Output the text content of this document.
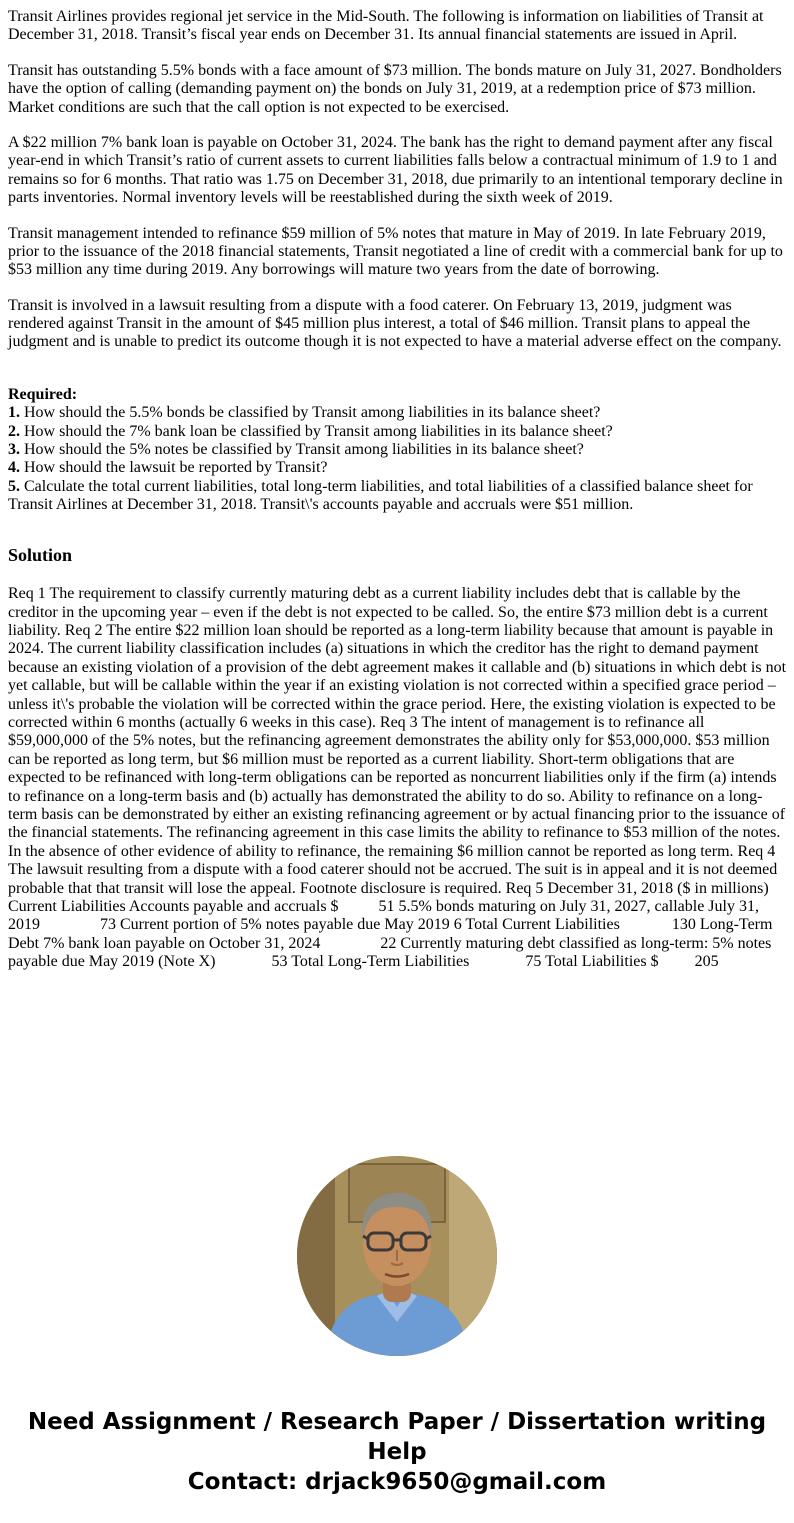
Transit Airlines provides regional jet service in the Mid-South. The following is information on liabilities of Transit at December 31, 2018. Transit’s fiscal year ends on December 31. Its annual financial statements are issued in April.

Transit has outstanding 5.5% bonds with a face amount of $73 million. The bonds mature on July 31, 2027. Bondholders have the option of calling (demanding payment on) the bonds on July 31, 2019, at a redemption price of $73 million. Market conditions are such that the call option is not expected to be exercised.

A $22 million 7% bank loan is payable on October 31, 2024. The bank has the right to demand payment after any fiscal year-end in which Transit’s ratio of current assets to current liabilities falls below a contractual minimum of 1.9 to 1 and remains so for 6 months. That ratio was 1.75 on December 31, 2018, due primarily to an intentional temporary decline in parts inventories. Normal inventory levels will be reestablished during the sixth week of 2019.

Transit management intended to refinance $59 million of 5% notes that mature in May of 2019. In late February 2019, prior to the issuance of the 2018 financial statements, Transit negotiated a line of credit with a commercial bank for up to $53 million any time during 2019. Any borrowings will mature two years from the date of borrowing.

Transit is involved in a lawsuit resulting from a dispute with a food caterer. On February 13, 2019, judgment was rendered against Transit in the amount of $45 million plus interest, a total of $46 million. Transit plans to appeal the judgment and is unable to predict its outcome though it is not expected to have a material adverse effect on the company.

Required:
1. How should the 5.5% bonds be classified by Transit among liabilities in its balance sheet?
2. How should the 7% bank loan be classified by Transit among liabilities in its balance sheet?
3. How should the 5% notes be classified by Transit among liabilities in its balance sheet?
4. How should the lawsuit be reported by Transit?
5. Calculate the total current liabilities, total long-term liabilities, and total liabilities of a classified balance sheet for Transit Airlines at December 31, 2018. Transit\'s accounts payable and accruals were $51 million.
Solution

Req 1 The requirement to classify currently maturing debt as a current liability includes debt that is callable by the creditor in the upcoming year – even if the debt is not expected to be called. So, the entire $73 million debt is a current liability. Req 2 The entire $22 million loan should be reported as a long-term liability because that amount is payable in 2024. The current liability classification includes (a) situations in which the creditor has the right to demand payment because an existing violation of a provision of the debt agreement makes it callable and (b) situations in which debt is not yet callable, but will be callable within the year if an existing violation is not corrected within a specified grace period – unless it\'s probable the violation will be corrected within the grace period. Here, the existing violation is expected to be corrected within 6 months (actually 6 weeks in this case). Req 3 The intent of management is to refinance all $59,000,000 of the 5% notes, but the refinancing agreement demonstrates the ability only for $53,000,000. $53 million can be reported as long term, but $6 million must be reported as a current liability. Short-term obligations that are expected to be refinanced with long-term obligations can be reported as noncurrent liabilities only if the firm (a) intends to refinance on a long-term basis and (b) actually has demonstrated the ability to do so. Ability to refinance on a long-term basis can be demonstrated by either an existing refinancing agreement or by actual financing prior to the issuance of the financial statements. The refinancing agreement in this case limits the ability to refinance to $53 million of the notes. In the absence of other evidence of ability to refinance, the remaining $6 million cannot be reported as long term. Req 4 The lawsuit resulting from a dispute with a food caterer should not be accrued. The suit is in appeal and it is not deemed probable that that transit will lose the appeal. Footnote disclosure is required. Req 5 December 31, 2018 ($ in millions) Current Liabilities Accounts payable and accruals $          51 5.5% bonds maturing on July 31, 2027, callable July 31, 2019               73 Current portion of 5% notes payable due May 2019 6 Total Current Liabilities             130 Long-Term Debt 7% bank loan payable on October 31, 2024               22 Currently maturing debt classified as long-term: 5% notes payable due May 2019 (Note X)              53 Total Long-Term Liabilities              75 Total Liabilities $         205

Need Assignment / Research Paper / Dissertation writing Help
Contact: drjack9650@gmail.com
